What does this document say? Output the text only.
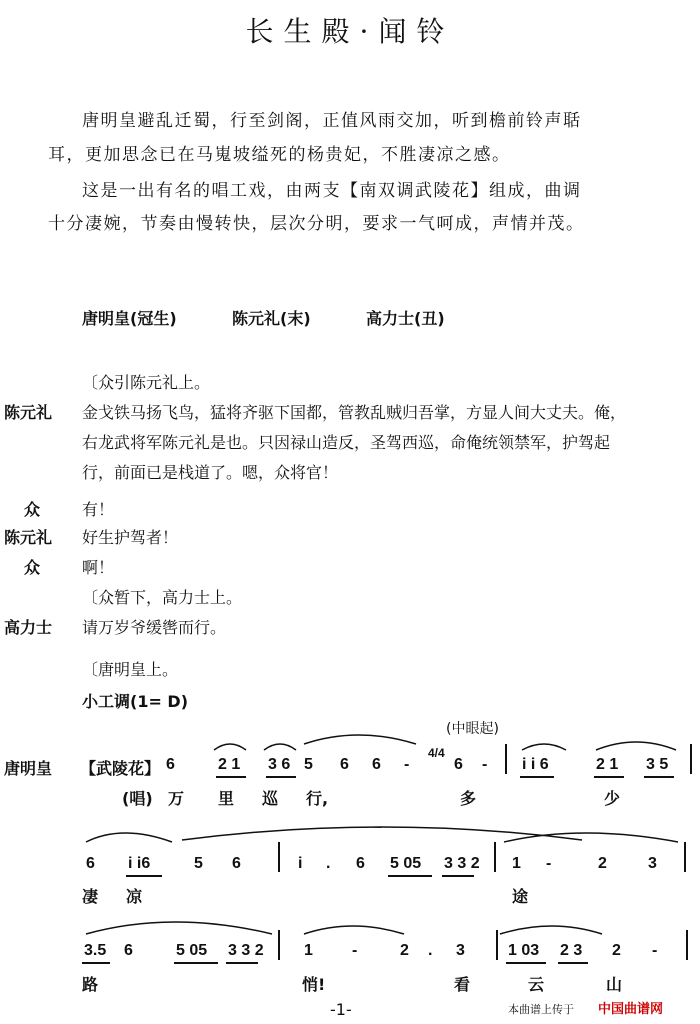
长生殿·闻铃
唐明皇避乱迁蜀，行至剑阁，正值风雨交加，听到檐前铃声聒
耳，更加思念已在马嵬坡缢死的杨贵妃，不胜凄凉之感。
这是一出有名的唱工戏，由两支【南双调武陵花】组成，曲调
十分凄婉，节奏由慢转快，层次分明，要求一气呵成，声情并茂。
唐明皇(冠生)	陈元礼(末)	高力士(丑)
〔众引陈元礼上。
陈元礼 金戈铁马扬飞鸟，猛将齐驱下国都，管教乱贼归吾掌，方显人间大丈夫。俺，
右龙武将军陈元礼是也。只因禄山造反，圣驾西巡，命俺统领禁军，护驾起
行，前面已是栈道了。嗯，众将官！
众	有！
陈元礼 好生护驾者！
众	啊！
〔众暂下，高力士上。
高力士 请万岁爷缓辔而行。
〔唐明皇上。
小工调(1= D)
(中眼起)
唐明皇 【武陵花】 6	2 1 3 6 5 6 6 -
4/4
6 - i i 6	2 1 3 5
(唱) 万 里 巡 行,	多	少
6 i i6	5 6	i . 6 5 05 3 3 2 1 -	2	3
凄 凉	途
3.5 6	5 05 3 3 2	1 -	2 . 3	1 03 2 3 2 -
路	悄!	看	云	山
-1-	本曲谱上传于 中国曲谱网
